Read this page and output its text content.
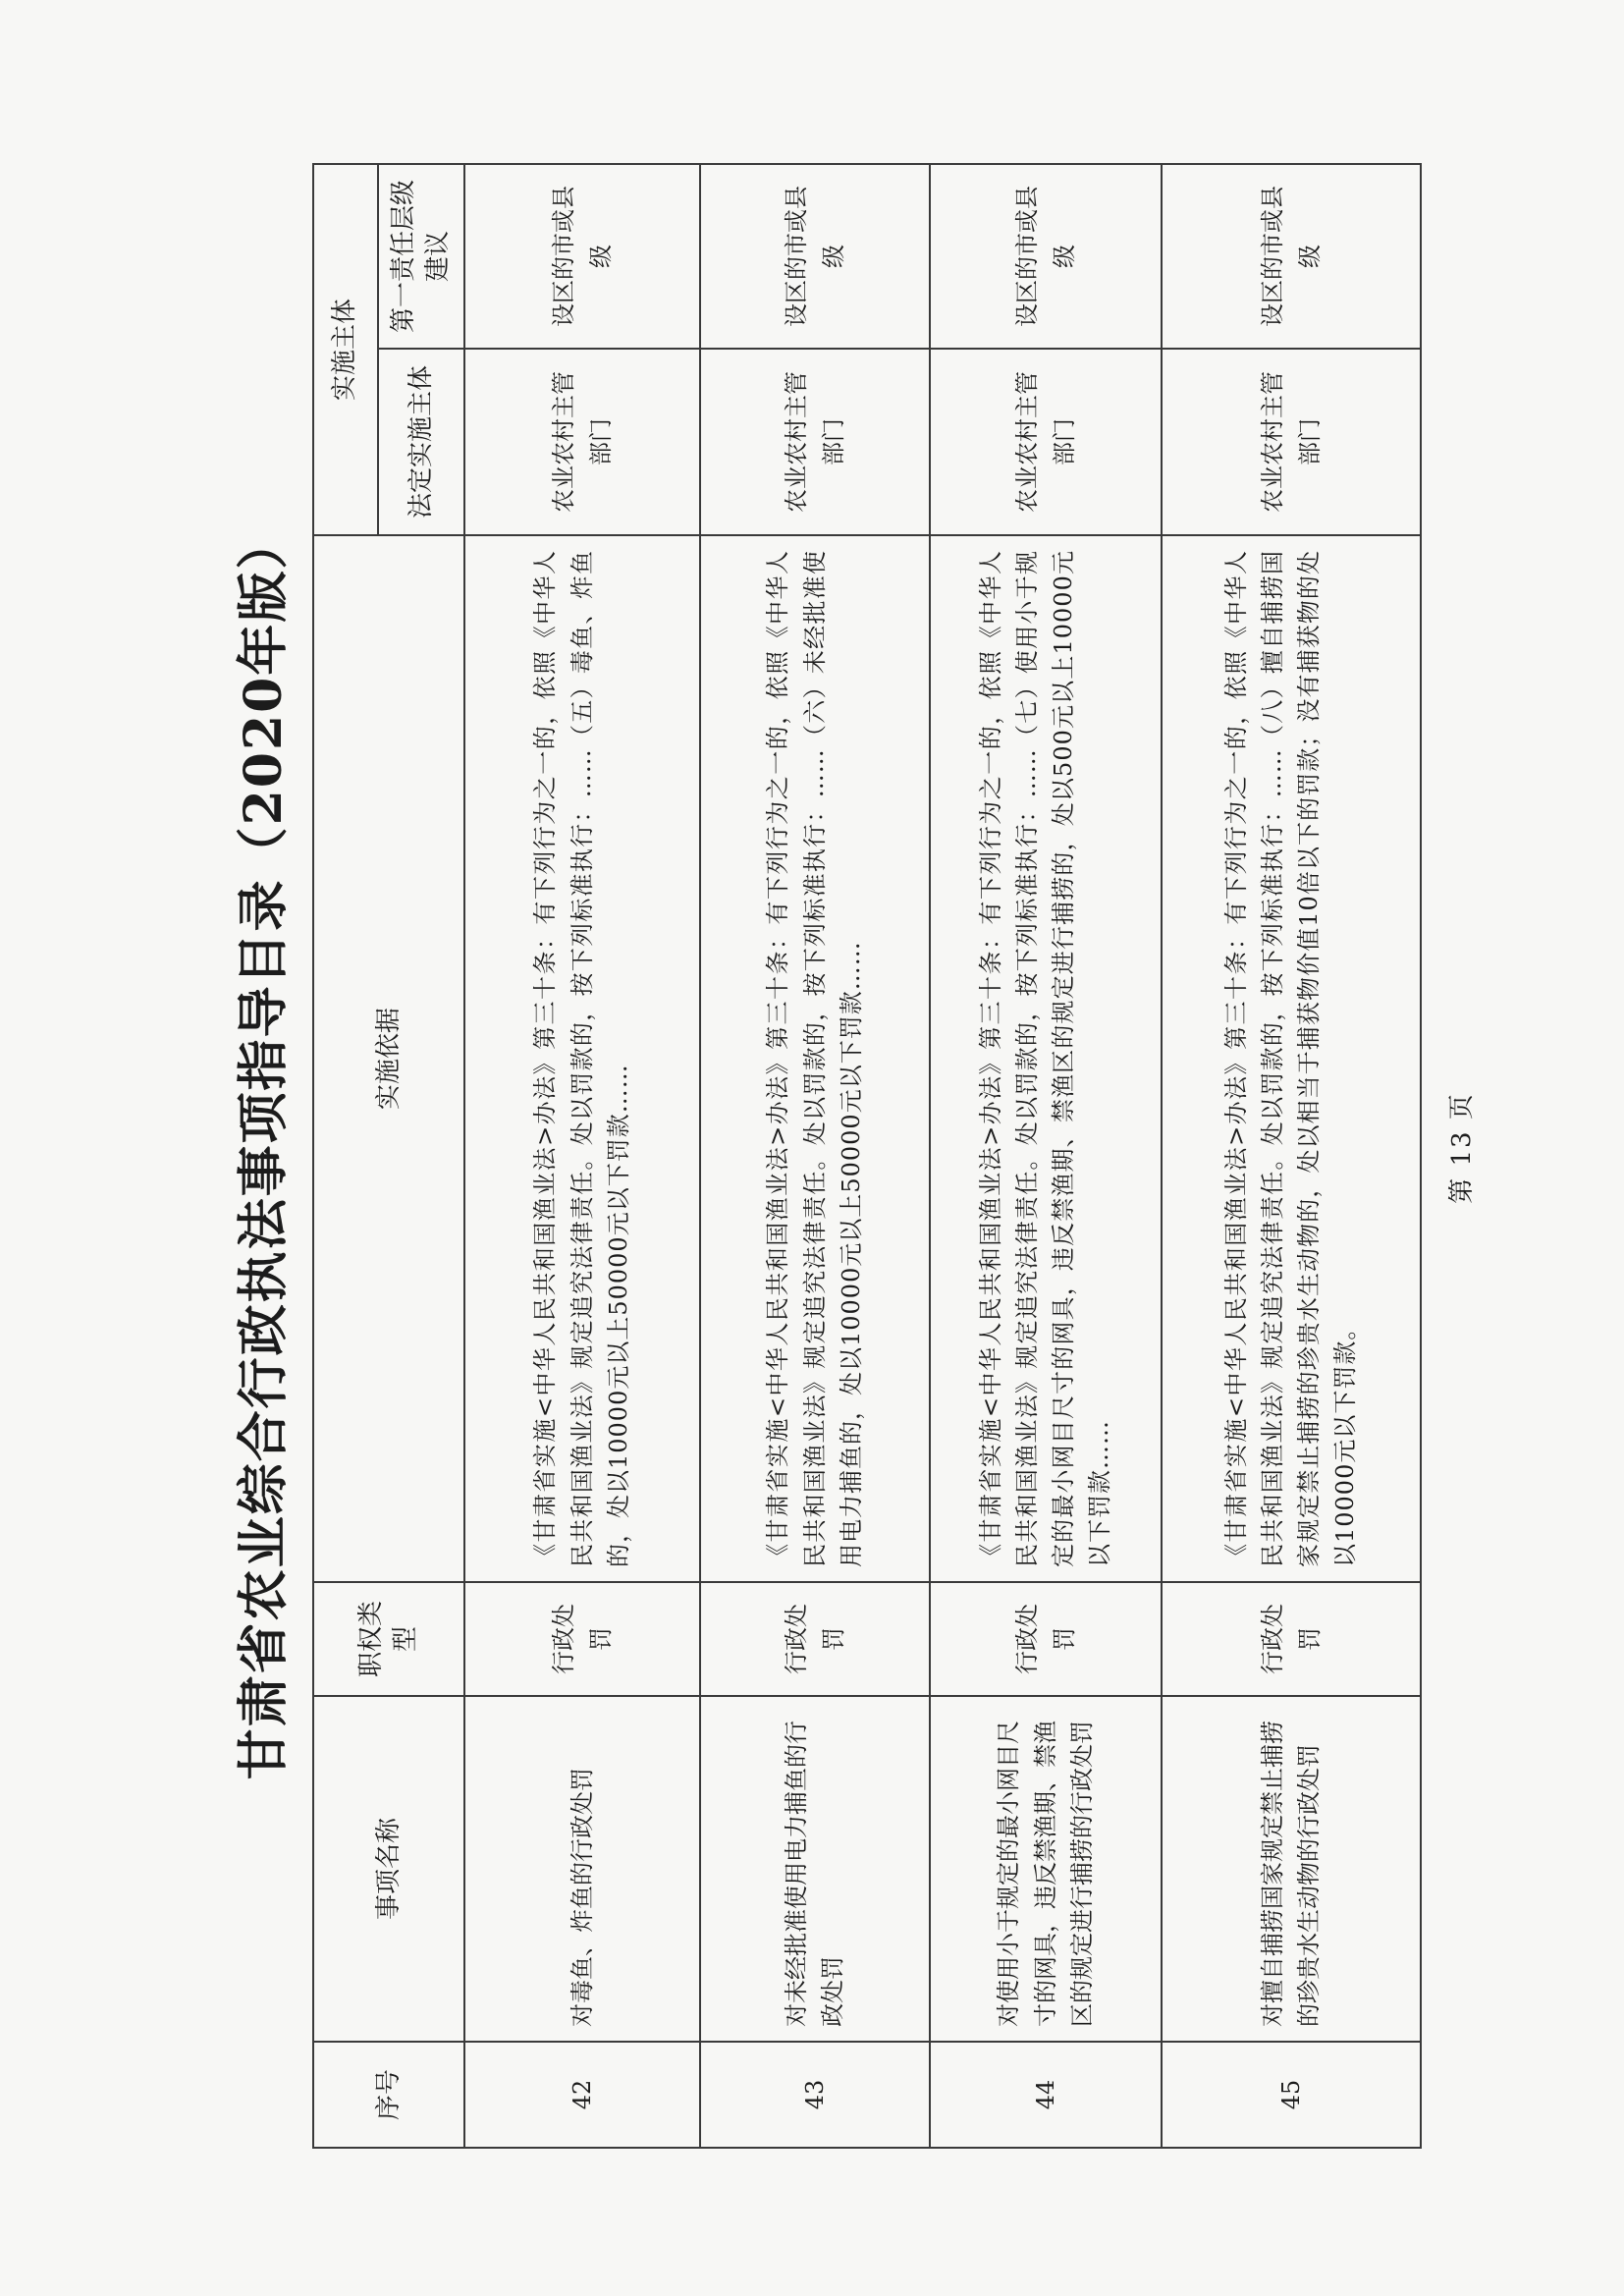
甘肃省农业综合行政执法事项指导目录（2020年版）
序号	事项名称	职权类型	实施依据	实施主体	
				法定实施主体	第一责任层级建议
42	对毒鱼、炸鱼的行政处罚	行政处罚	《甘肃省实施<中华人民共和国渔业法>办法》第三十条：有下列行为之一的，依照《中华人民共和国渔业法》规定追究法律责任。处以罚款的，按下列标准执行：……（五）毒鱼、炸鱼的，处以10000元以上50000元以下罚款……	农业农村主管部门	设区的市或县级
43	对未经批准使用电力捕鱼的行政处罚	行政处罚	《甘肃省实施<中华人民共和国渔业法>办法》第三十条：有下列行为之一的，依照《中华人民共和国渔业法》规定追究法律责任。处以罚款的，按下列标准执行：……（六）未经批准使用电力捕鱼的，处以10000元以上50000元以下罚款……	农业农村主管部门	设区的市或县级
44	对使用小于规定的最小网目尺寸的网具，违反禁渔期、禁渔区的规定进行捕捞的行政处罚	行政处罚	《甘肃省实施<中华人民共和国渔业法>办法》第三十条：有下列行为之一的，依照《中华人民共和国渔业法》规定追究法律责任。处以罚款的，按下列标准执行：……（七）使用小于规定的最小网目尺寸的网具，违反禁渔期、禁渔区的规定进行捕捞的，处以500元以上10000元以下罚款……	农业农村主管部门	设区的市或县级
45	对擅自捕捞国家规定禁止捕捞的珍贵水生动物的行政处罚	行政处罚	《甘肃省实施<中华人民共和国渔业法>办法》第三十条：有下列行为之一的，依照《中华人民共和国渔业法》规定追究法律责任。处以罚款的，按下列标准执行：……（八）擅自捕捞国家规定禁止捕捞的珍贵水生动物的，处以相当于捕获物价值10倍以下的罚款；没有捕获物的处以10000元以下罚款。	农业农村主管部门	设区的市或县级
第 13 页
